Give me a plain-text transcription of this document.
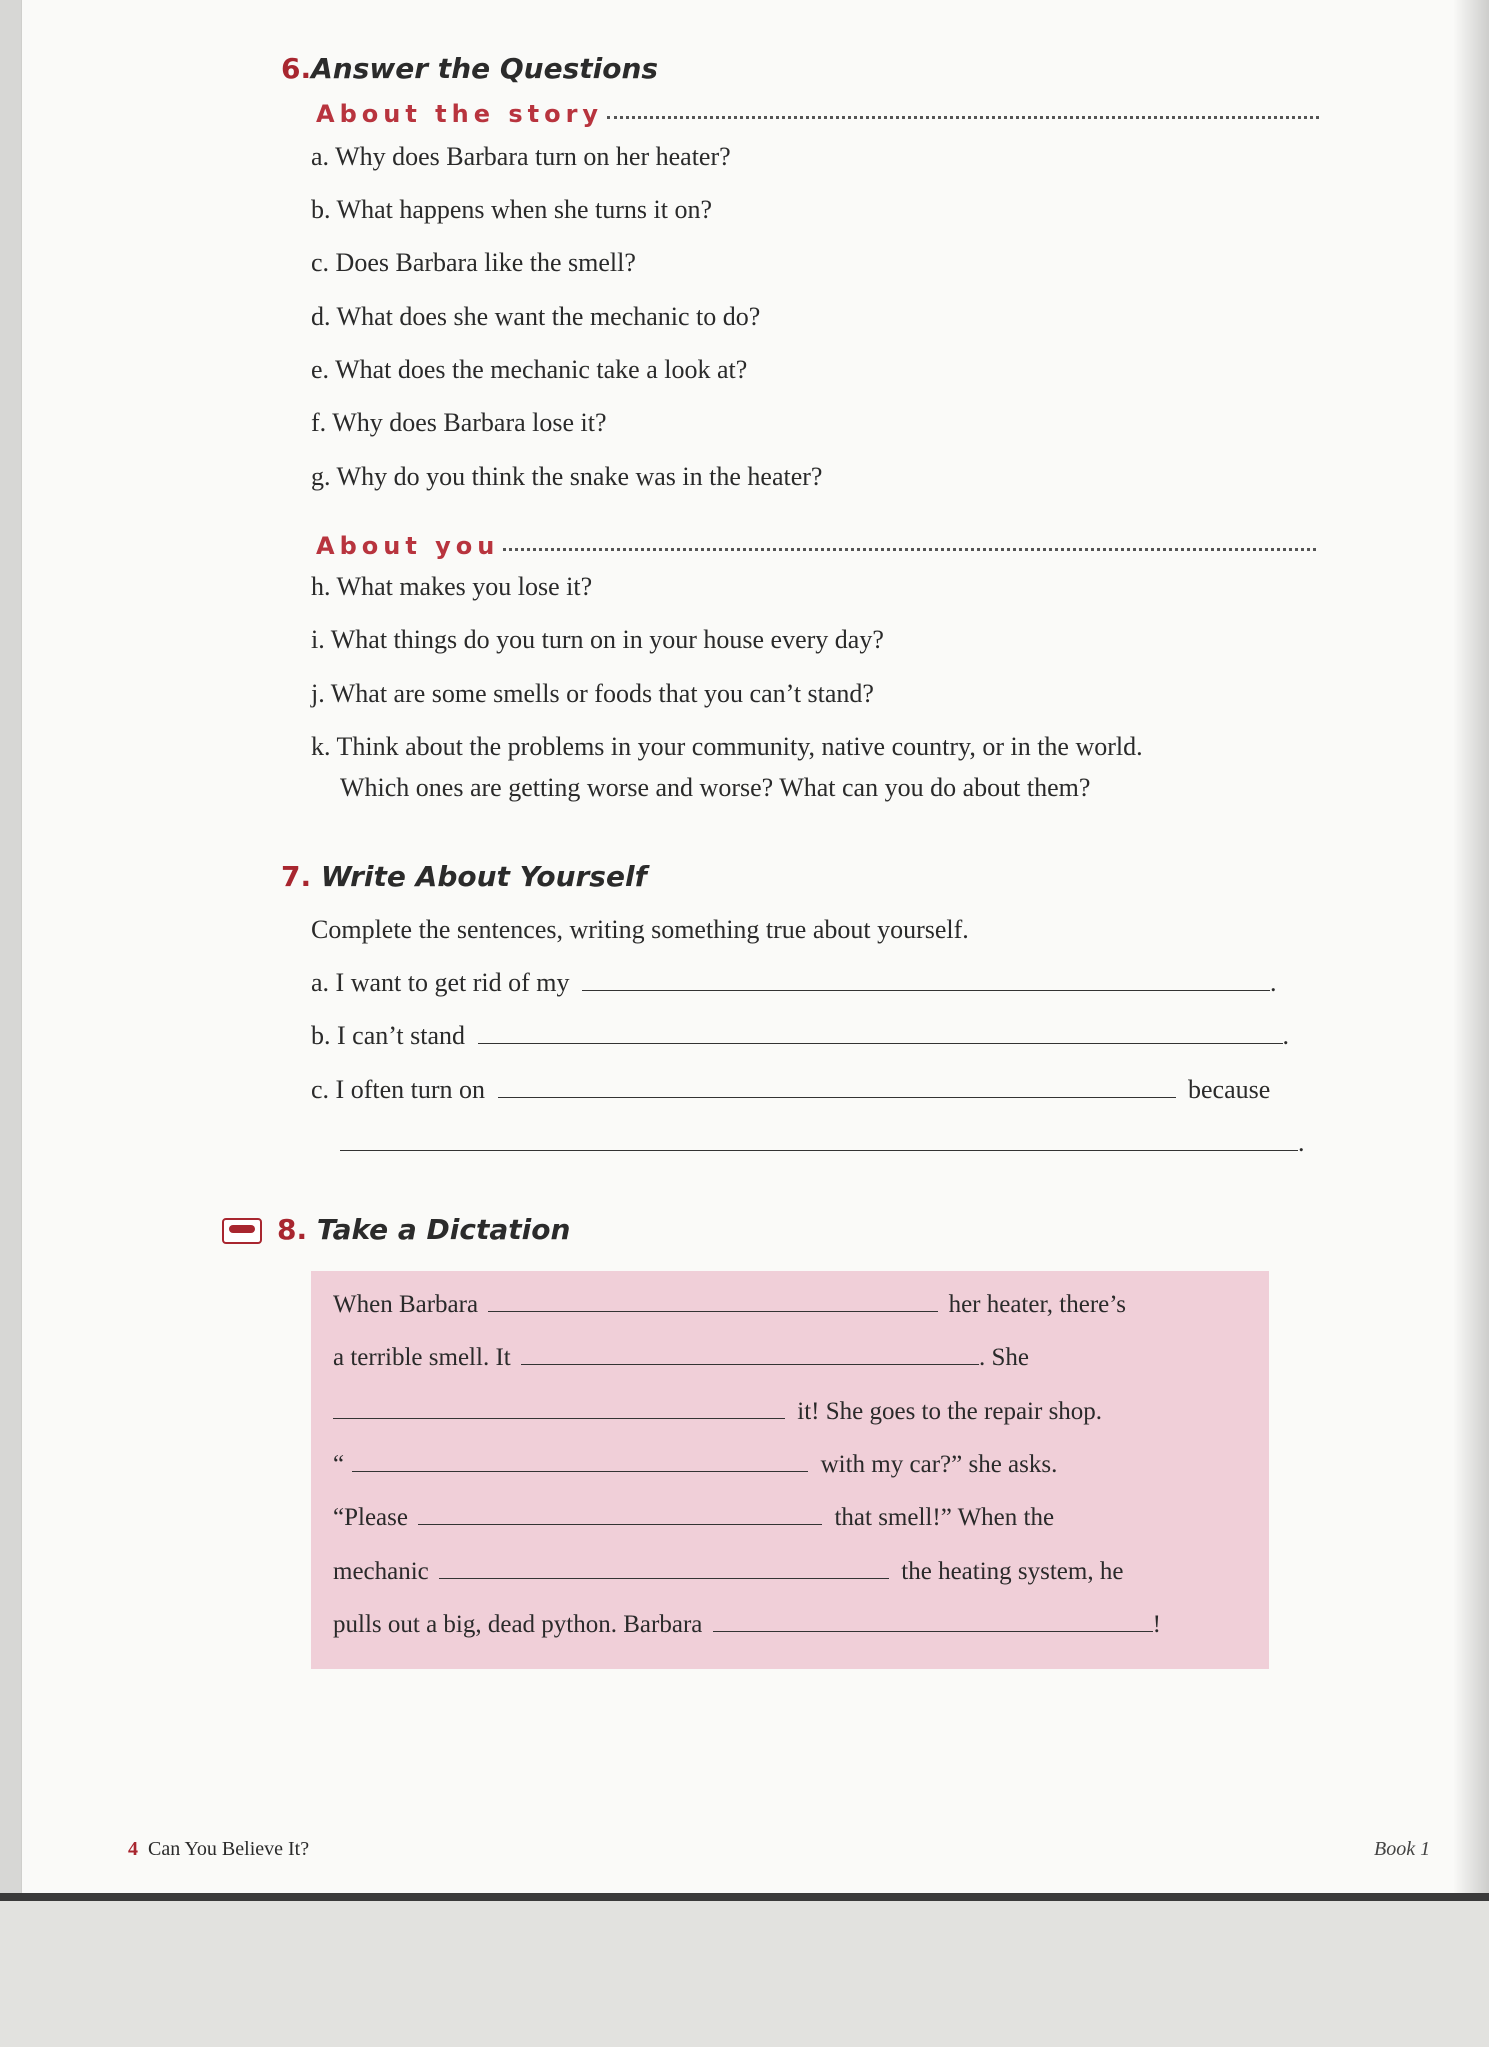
6.Answer the Questions
About the story
a. Why does Barbara turn on her heater?
b. What happens when she turns it on?
c. Does Barbara like the smell?
d. What does she want the mechanic to do?
e. What does the mechanic take a look at?
f. Why does Barbara lose it?
g. Why do you think the snake was in the heater?
About you
h. What makes you lose it?
i. What things do you turn on in your house every day?
j. What are some smells or foods that you can’t stand?
k. Think about the problems in your community, native country, or in the world.
Which ones are getting worse and worse? What can you do about them?
7. Write About Yourself
Complete the sentences, writing something true about yourself.
a. I want to get rid of my	.
b. I can’t stand	.
c. I often turn on	because
.
8. Take a Dictation
When Barbara	her heater, there’s
a terrible smell. It	. She
it! She goes to the repair shop.
“	with my car?” she asks.
“Please	that smell!” When the
mechanic	the heating system, he
pulls out a big, dead python. Barbara	!
4 Can You Believe It?	Book 1
